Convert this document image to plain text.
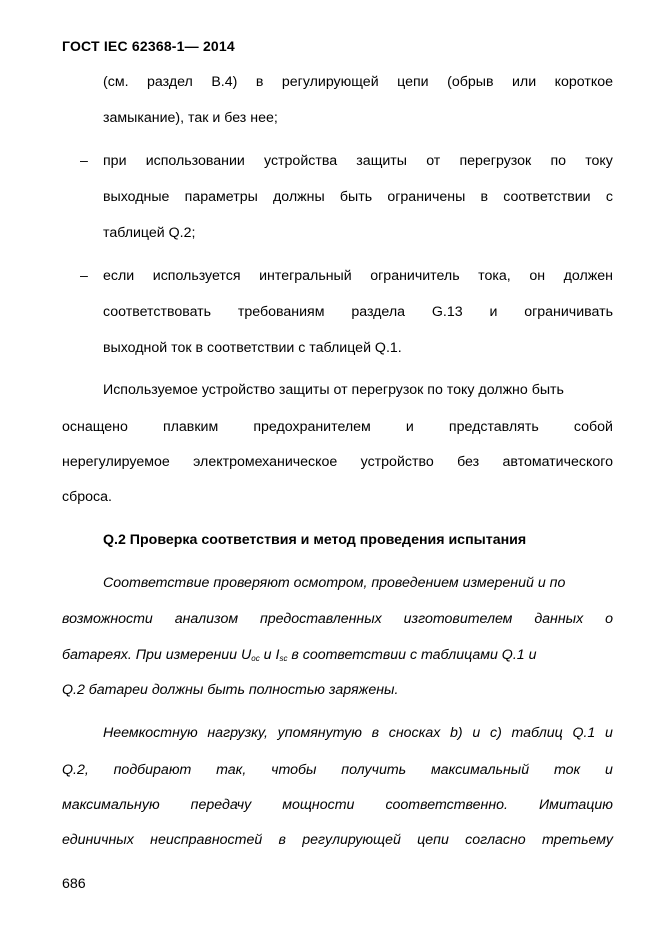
ГОСТ IEC 62368-1— 2014
(см. раздел В.4) в регулирующей цепи (обрыв или короткое
замыкание), так и без нее;
– при использовании устройства защиты от перегрузок по току
выходные параметры должны быть ограничены в соответствии с
таблицей Q.2;
– если используется интегральный ограничитель тока, он должен
соответствовать требованиям раздела G.13 и ограничивать
выходной ток в соответствии с таблицей Q.1.
Используемое устройство защиты от перегрузок по току должно быть
оснащено плавким предохранителем и представлять собой
нерегулируемое электромеханическое устройство без автоматического
сброса.
Q.2 Проверка соответствия и метод проведения испытания
Соответствие проверяют осмотром, проведением измерений и по
возможности анализом предоставленных изготовителем данных о
батареях. При измерении $U_{oc}$ и $I_{sc}$ в соответствии с таблицами Q.1 и
Q.2 батареи должны быть полностью заряжены.
Неемкостную нагрузку, упомянутую в сносках b) и c) таблиц Q.1 и
Q.2, подбирают так, чтобы получить максимальный ток и
максимальную передачу мощности соответственно. Имитацию
единичных неисправностей в регулирующей цепи согласно третьему
686
